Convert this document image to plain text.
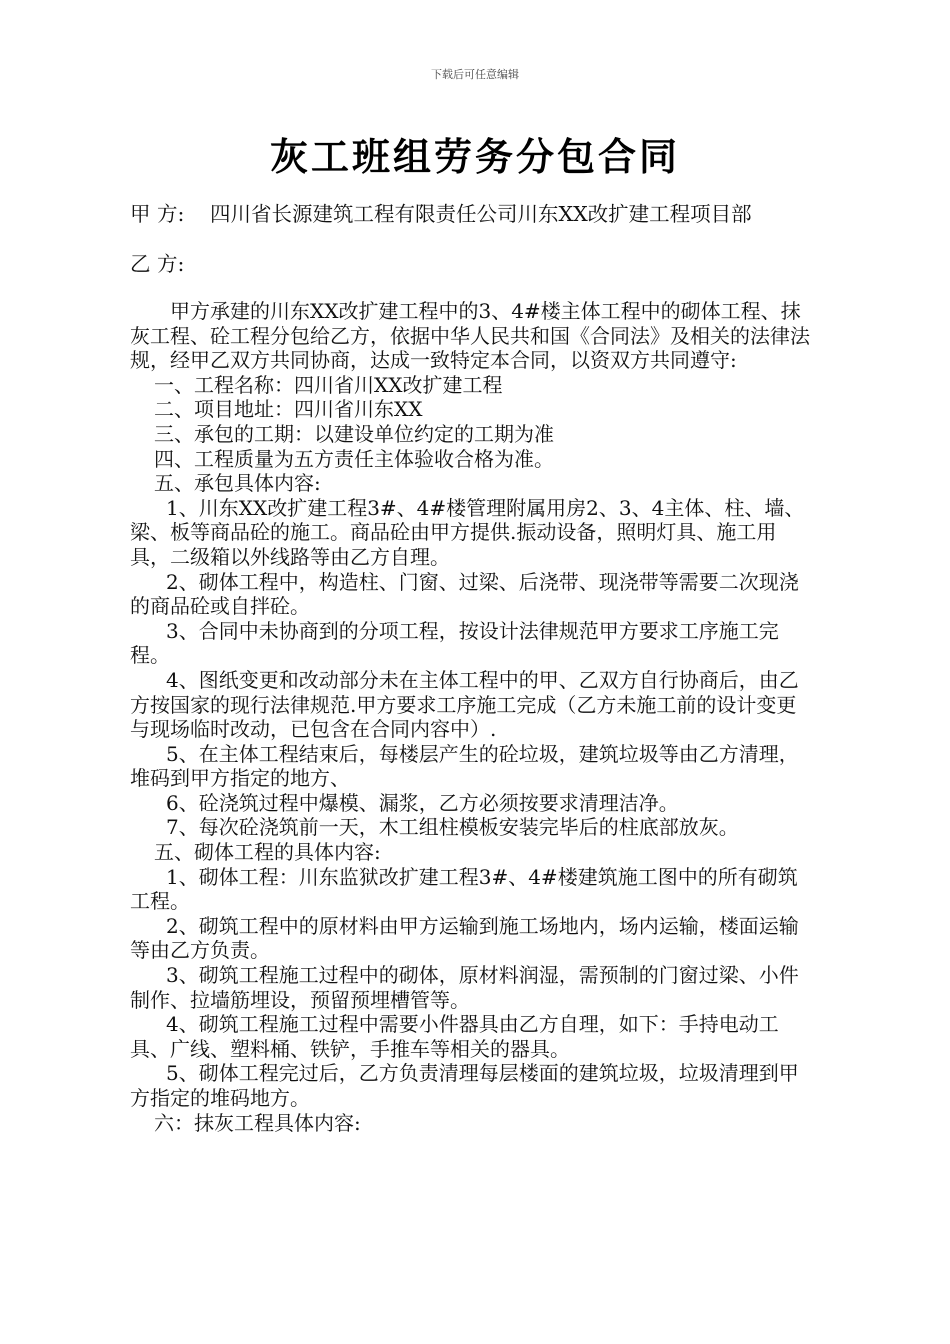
下载后可任意编辑
灰工班组劳务分包合同
甲 方: 四川省长源建筑工程有限责任公司川东XX改扩建工程项目部
乙 方:

甲方承建的川东XX改扩建工程中的3、4#楼主体工程中的砌体工程、抹灰工程、砼工程分包给乙方，依据中华人民共和国《合同法》及相关的法律法规，经甲乙双方共同协商，达成一致特定本合同，以资双方共同遵守:

一、工程名称：四川省川XX改扩建工程

二、项目地址：四川省川东XX

三、承包的工期：以建设单位约定的工期为准

四、工程质量为五方责任主体验收合格为准。

五、承包具体内容:

1、川东XX改扩建工程3#、4#楼管理附属用房2、3、4主体、柱、墙、梁、板等商品砼的施工。商品砼由甲方提供.振动设备，照明灯具、施工用具，二级箱以外线路等由乙方自理。

2、砌体工程中，构造柱、门窗、过梁、后浇带、现浇带等需要二次现浇的商品砼或自拌砼。

3、合同中未协商到的分项工程，按设计法律规范甲方要求工序施工完程。

4、图纸变更和改动部分未在主体工程中的甲、乙双方自行协商后，由乙方按国家的现行法律规范.甲方要求工序施工完成（乙方未施工前的设计变更与现场临时改动，已包含在合同内容中）.

5、在主体工程结束后，每楼层产生的砼垃圾，建筑垃圾等由乙方清理，堆码到甲方指定的地方、

6、砼浇筑过程中爆模、漏浆，乙方必须按要求清理洁净。

7、每次砼浇筑前一天，木工组柱模板安装完毕后的柱底部放灰。

五、砌体工程的具体内容:

1、砌体工程：川东监狱改扩建工程3#、4#楼建筑施工图中的所有砌筑工程。

2、砌筑工程中的原材料由甲方运输到施工场地内，场内运输，楼面运输等由乙方负责。

3、砌筑工程施工过程中的砌体，原材料润湿，需预制的门窗过梁、小件制作、拉墙筋埋设，预留预埋槽管等。

4、砌筑工程施工过程中需要小件器具由乙方自理，如下：手持电动工具、广线、塑料桶、铁铲，手推车等相关的器具。

5、砌体工程完过后，乙方负责清理每层楼面的建筑垃圾，垃圾清理到甲方指定的堆码地方。

六：抹灰工程具体内容:
